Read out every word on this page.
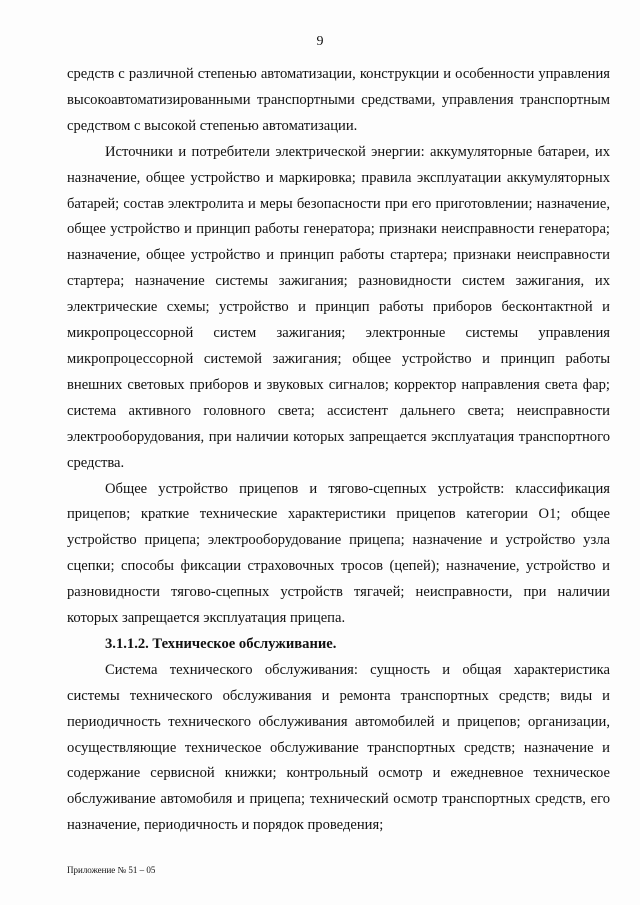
9

средств с различной степенью автоматизации, конструкции и особенности управления высокоавтоматизированными транспортными средствами, управления транспортным средством с высокой степенью автоматизации.

Источники и потребители электрической энергии: аккумуляторные батареи, их назначение, общее устройство и маркировка; правила эксплуатации аккумуляторных батарей; состав электролита и меры безопасности при его приготовлении; назначение, общее устройство и принцип работы генератора; признаки неисправности генератора; назначение, общее устройство и принцип работы стартера; признаки неисправности стартера; назначение системы зажигания; разновидности систем зажигания, их электрические схемы; устройство и принцип работы приборов бесконтактной и микропроцессорной систем зажигания; электронные системы управления микропроцессорной системой зажигания; общее устройство и принцип работы внешних световых приборов и звуковых сигналов; корректор направления света фар; система активного головного света; ассистент дальнего света; неисправности электрооборудования, при наличии которых запрещается эксплуатация транспортного средства.

Общее устройство прицепов и тягово-сцепных устройств: классификация прицепов; краткие технические характеристики прицепов категории О1; общее устройство прицепа; электрооборудование прицепа; назначение и устройство узла сцепки; способы фиксации страховочных тросов (цепей); назначение, устройство и разновидности тягово-сцепных устройств тягачей; неисправности, при наличии которых запрещается эксплуатация прицепа.

3.1.1.2. Техническое обслуживание.

Система технического обслуживания: сущность и общая характеристика системы технического обслуживания и ремонта транспортных средств; виды и периодичность технического обслуживания автомобилей и прицепов; организации, осуществляющие техническое обслуживание транспортных средств; назначение и содержание сервисной книжки; контрольный осмотр и ежедневное техническое обслуживание автомобиля и прицепа; технический осмотр транспортных средств, его назначение, периодичность и порядок проведения;

Приложение № 51 – 05
